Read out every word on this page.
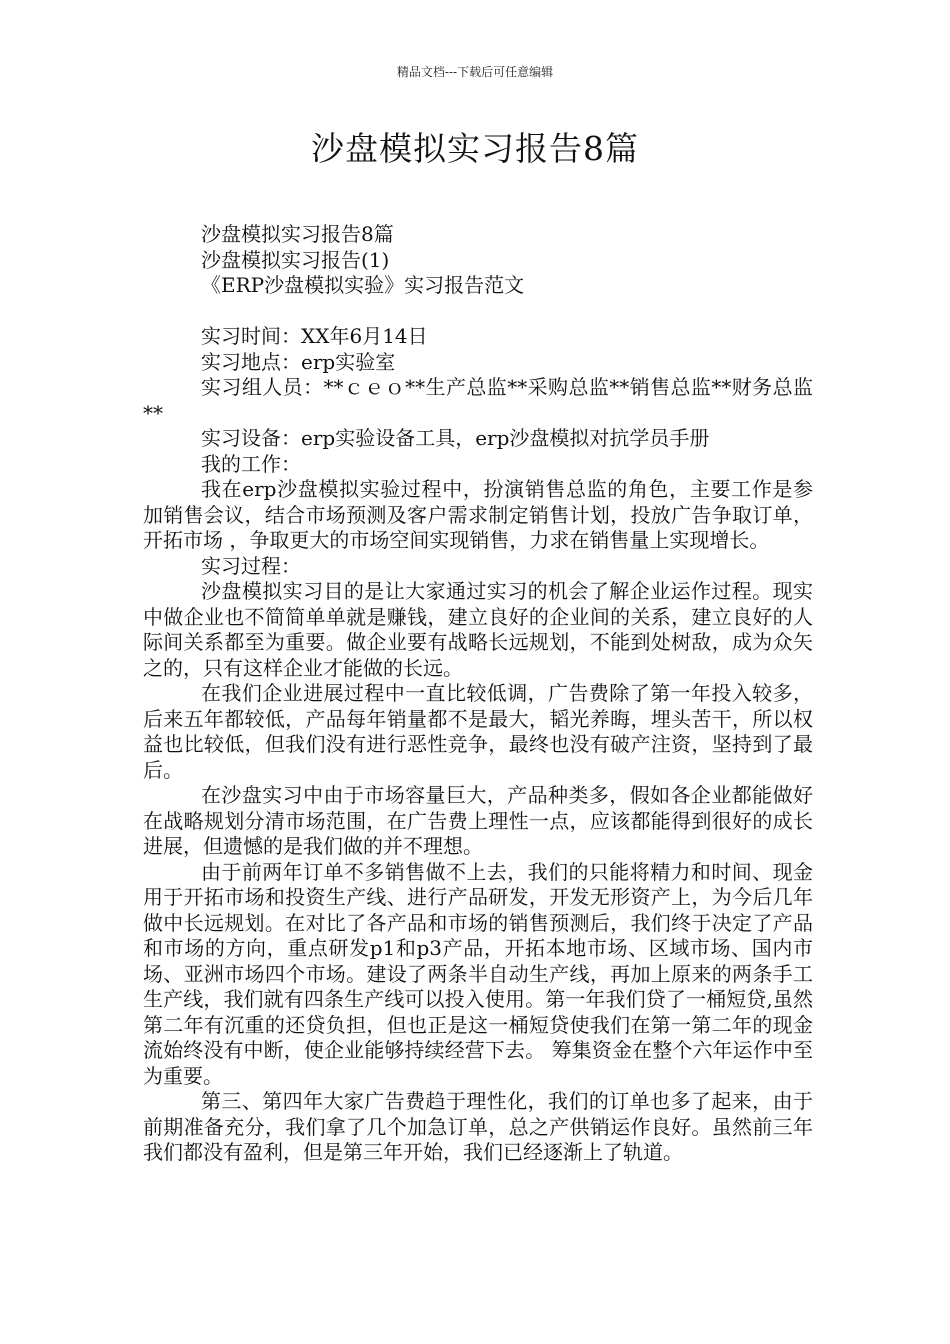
精品文档---下载后可任意编辑
沙盘模拟实习报告8篇

沙盘模拟实习报告8篇

沙盘模拟实习报告(1)

《ERP沙盘模拟实验》实习报告范文

实习时间：XX年6月14日

实习地点：erp实验室

实习组人员：**ｃｅｏ**生产总监**采购总监**销售总监**财务总监**

实习设备：erp实验设备工具，erp沙盘模拟对抗学员手册

我的工作：

我在erp沙盘模拟实验过程中，扮演销售总监的角色，主要工作是参加销售会议，结合市场预测及客户需求制定销售计划，投放广告争取订单，开拓市场 ，争取更大的市场空间实现销售，力求在销售量上实现增长。

实习过程：

沙盘模拟实习目的是让大家通过实习的机会了解企业运作过程。现实中做企业也不简简单单就是赚钱，建立良好的企业间的关系，建立良好的人际间关系都至为重要。做企业要有战略长远规划，不能到处树敌，成为众矢之的，只有这样企业才能做的长远。

在我们企业进展过程中一直比较低调，广告费除了第一年投入较多，后来五年都较低，产品每年销量都不是最大，韬光养晦，埋头苦干，所以权益也比较低，但我们没有进行恶性竞争，最终也没有破产注资，坚持到了最后。

在沙盘实习中由于市场容量巨大，产品种类多，假如各企业都能做好在战略规划分清市场范围，在广告费上理性一点，应该都能得到很好的成长进展，但遗憾的是我们做的并不理想。

由于前两年订单不多销售做不上去，我们的只能将精力和时间、现金用于开拓市场和投资生产线、进行产品研发，开发无形资产上，为今后几年做中长远规划。在对比了各产品和市场的销售预测后，我们终于决定了产品和市场的方向，重点研发p1和p3产品，开拓本地市场、区域市场、国内市场、亚洲市场四个市场。建设了两条半自动生产线，再加上原来的两条手工生产线，我们就有四条生产线可以投入使用。第一年我们贷了一桶短贷,虽然第二年有沉重的还贷负担，但也正是这一桶短贷使我们在第一第二年的现金流始终没有中断，使企业能够持续经营下去。 筹集资金在整个六年运作中至为重要。

第三、第四年大家广告费趋于理性化，我们的订单也多了起来，由于前期准备充分，我们拿了几个加急订单，总之产供销运作良好。虽然前三年我们都没有盈利，但是第三年开始，我们已经逐渐上了轨道。
